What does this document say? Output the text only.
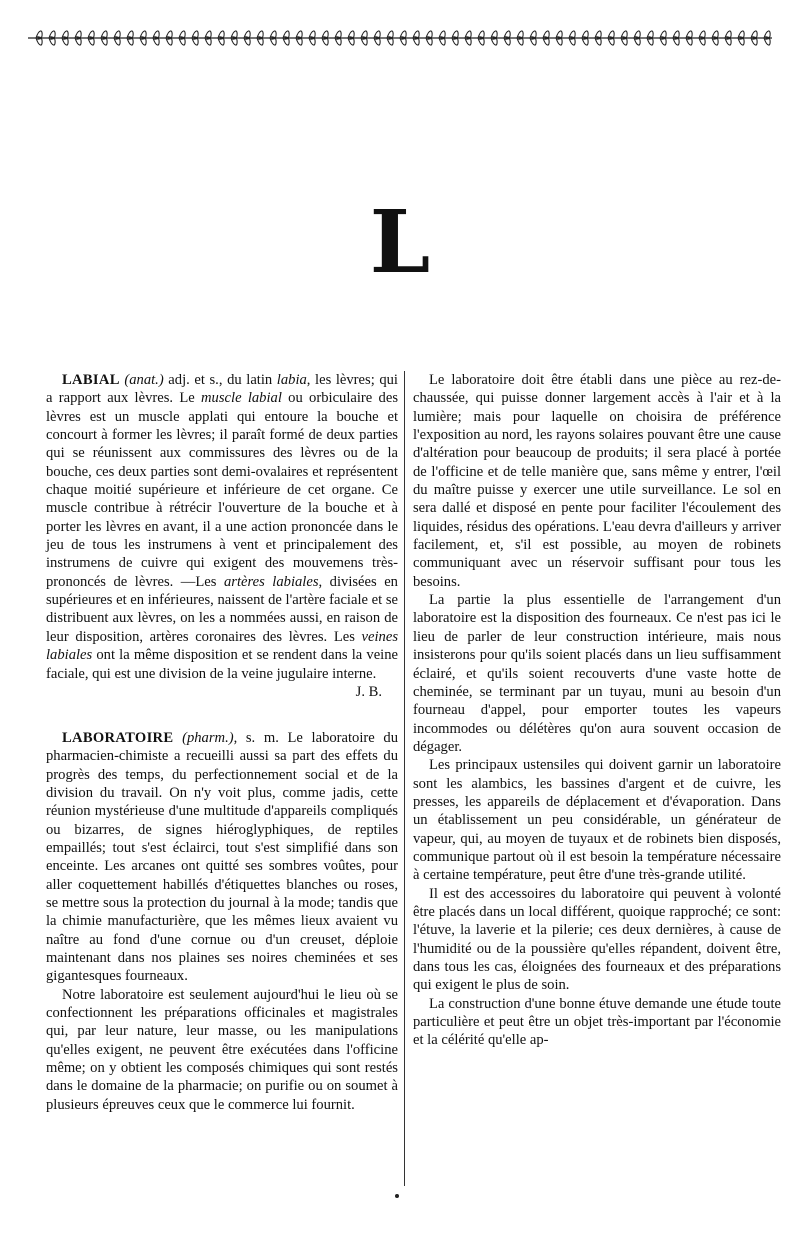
L

LABIAL (anat.) adj. et s., du latin labia, les lèvres; qui a rapport aux lèvres. Le muscle labial ou orbiculaire des lèvres est un muscle applati qui entoure la bouche et concourt à former les lèvres; il paraît formé de deux parties qui se réunissent aux commissures des lèvres ou de la bouche, ces deux parties sont demi-ovalaires et représentent chaque moitié supérieure et inférieure de cet organe. Ce muscle contribue à rétrécir l'ouverture de la bouche et à porter les lèvres en avant, il a une action prononcée dans le jeu de tous les instrumens à vent et principalement des instrumens de cuivre qui exigent des mouvemens très-prononcés de lèvres. —Les artères labiales, divisées en supérieures et en inférieures, naissent de l'artère faciale et se distribuent aux lèvres, on les a nommées aussi, en raison de leur disposition, artères coronaires des lèvres. Les veines labiales ont la même disposition et se rendent dans la veine faciale, qui est une division de la veine jugulaire interne.
J. B.

LABORATOIRE (pharm.), s. m. Le laboratoire du pharmacien-chimiste a recueilli aussi sa part des effets du progrès des temps, du perfectionnement social et de la division du travail. On n'y voit plus, comme jadis, cette réunion mystérieuse d'une multitude d'appareils compliqués ou bizarres, de signes hiéroglyphiques, de reptiles empaillés; tout s'est éclairci, tout s'est simplifié dans son enceinte. Les arcanes ont quitté ses sombres voûtes, pour aller coquettement habillés d'étiquettes blanches ou roses, se mettre sous la protection du journal à la mode; tandis que la chimie manufacturière, que les mêmes lieux avaient vu naître au fond d'une cornue ou d'un creuset, déploie maintenant dans nos plaines ses noires cheminées et ses gigantesques fourneaux.

Notre laboratoire est seulement aujourd'hui le lieu où se confectionnent les préparations officinales et magistrales qui, par leur nature, leur masse, ou les manipulations qu'elles exigent, ne peuvent être exécutées dans l'officine même; on y obtient les composés chimiques qui sont restés dans le domaine de la pharmacie; on purifie ou on soumet à plusieurs épreuves ceux que le commerce lui fournit.

Le laboratoire doit être établi dans une pièce au rez-de-chaussée, qui puisse donner largement accès à l'air et à la lumière; mais pour laquelle on choisira de préférence l'exposition au nord, les rayons solaires pouvant être une cause d'altération pour beaucoup de produits; il sera placé à portée de l'officine et de telle manière que, sans même y entrer, l'œil du maître puisse y exercer une utile surveillance. Le sol en sera dallé et disposé en pente pour faciliter l'écoulement des liquides, résidus des opérations. L'eau devra d'ailleurs y arriver facilement, et, s'il est possible, au moyen de robinets communiquant avec un réservoir suffisant pour tous les besoins.

La partie la plus essentielle de l'arrangement d'un laboratoire est la disposition des fourneaux. Ce n'est pas ici le lieu de parler de leur construction intérieure, mais nous insisterons pour qu'ils soient placés dans un lieu suffisamment éclairé, et qu'ils soient recouverts d'une vaste hotte de cheminée, se terminant par un tuyau, muni au besoin d'un fourneau d'appel, pour emporter toutes les vapeurs incommodes ou délétères qu'on aura souvent occasion de dégager.

Les principaux ustensiles qui doivent garnir un laboratoire sont les alambics, les bassines d'argent et de cuivre, les presses, les appareils de déplacement et d'évaporation. Dans un établissement un peu considérable, un générateur de vapeur, qui, au moyen de tuyaux et de robinets bien disposés, communique partout où il est besoin la température nécessaire à certaine température, peut être d'une très-grande utilité.

Il est des accessoires du laboratoire qui peuvent à volonté être placés dans un local différent, quoique rapproché; ce sont: l'étuve, la laverie et la pilerie; ces deux dernières, à cause de l'humidité ou de la poussière qu'elles répandent, doivent être, dans tous les cas, éloignées des fourneaux et des préparations qui exigent le plus de soin.

La construction d'une bonne étuve demande une étude toute particulière et peut être un objet très-important par l'économie et la célérité qu'elle ap-
